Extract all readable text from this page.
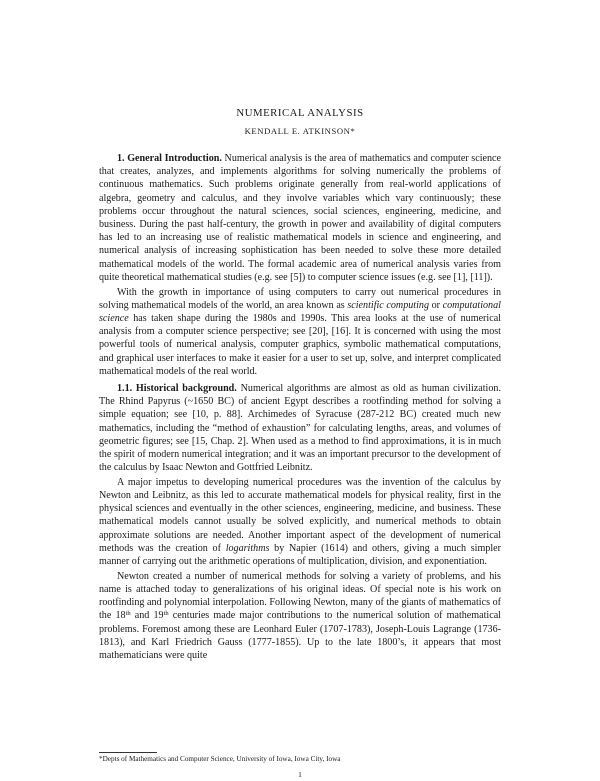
NUMERICAL ANALYSIS
KENDALL E. ATKINSON*

1. General Introduction. Numerical analysis is the area of mathematics and computer science that creates, analyzes, and implements algorithms for solving numerically the problems of continuous mathematics. Such problems originate generally from real-world applications of algebra, geometry and calculus, and they involve variables which vary continuously; these problems occur throughout the natural sciences, social sciences, engineering, medicine, and business. During the past half-century, the growth in power and availability of digital computers has led to an increasing use of realistic mathematical models in science and engineering, and numerical analysis of increasing sophistication has been needed to solve these more detailed mathematical models of the world. The formal academic area of numerical analysis varies from quite theoretical mathematical studies (e.g. see [5]) to computer science issues (e.g. see [1], [11]).

With the growth in importance of using computers to carry out numerical procedures in solving mathematical models of the world, an area known as scientific computing or computational science has taken shape during the 1980s and 1990s. This area looks at the use of numerical analysis from a computer science perspective; see [20], [16]. It is concerned with using the most powerful tools of numerical analysis, computer graphics, symbolic mathematical computations, and graphical user interfaces to make it easier for a user to set up, solve, and interpret complicated mathematical models of the real world.

1.1. Historical background. Numerical algorithms are almost as old as human civilization. The Rhind Papyrus (~1650 BC) of ancient Egypt describes a rootfinding method for solving a simple equation; see [10, p. 88]. Archimedes of Syracuse (287-212 BC) created much new mathematics, including the “method of exhaustion” for calculating lengths, areas, and volumes of geometric figures; see [15, Chap. 2]. When used as a method to find approximations, it is in much the spirit of modern numerical integration; and it was an important precursor to the development of the calculus by Isaac Newton and Gottfried Leibnitz.

A major impetus to developing numerical procedures was the invention of the calculus by Newton and Leibnitz, as this led to accurate mathematical models for physical reality, first in the physical sciences and eventually in the other sciences, engineering, medicine, and business. These mathematical models cannot usually be solved explicitly, and numerical methods to obtain approximate solutions are needed. Another important aspect of the development of numerical methods was the creation of logarithms by Napier (1614) and others, giving a much simpler manner of carrying out the arithmetic operations of multiplication, division, and exponentiation.

Newton created a number of numerical methods for solving a variety of problems, and his name is attached today to generalizations of his original ideas. Of special note is his work on rootfinding and polynomial interpolation. Following Newton, many of the giants of mathematics of the 18th and 19th centuries made major contributions to the numerical solution of mathematical problems. Foremost among these are Leonhard Euler (1707-1783), Joseph-Louis Lagrange (1736-1813), and Karl Friedrich Gauss (1777-1855). Up to the late 1800’s, it appears that most mathematicians were quite

*Depts of Mathematics and Computer Science, University of Iowa, Iowa City, Iowa
1
